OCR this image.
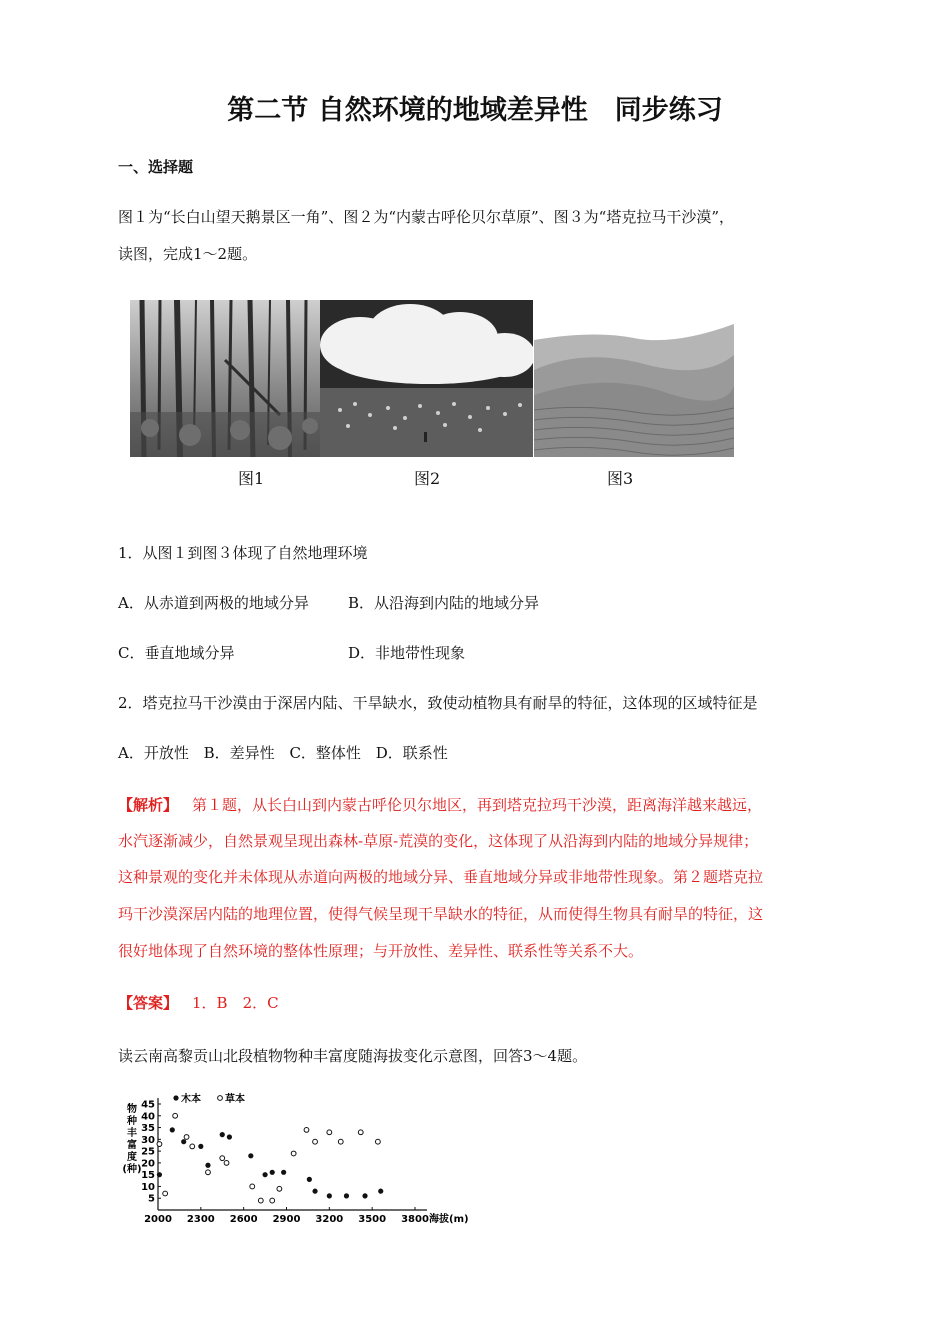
第二节 自然环境的地域差异性　同步练习
一、选择题
图１为“长白山望天鹅景区一角”、图２为“内蒙古呼伦贝尔草原”、图３为“塔克拉马干沙漠”，
读图，完成1～2题。
图1	图2	图3
1．从图１到图３体现了自然地理环境
A．从赤道到两极的地域分异	B．从沿海到内陆的地域分异
C．垂直地域分异	D．非地带性现象
2．塔克拉马干沙漠由于深居内陆、干旱缺水，致使动植物具有耐旱的特征，这体现的区域特征是
A．开放性 B．差异性 C．整体性 D．联系性
【解析】 第１题，从长白山到内蒙古呼伦贝尔地区，再到塔克拉玛干沙漠，距离海洋越来越远，
水汽逐渐减少，自然景观呈现出森林-草原-荒漠的变化，这体现了从沿海到内陆的地域分异规律；
这种景观的变化并未体现从赤道向两极的地域分异、垂直地域分异或非地带性现象。第２题塔克拉
玛干沙漠深居内陆的地理位置，使得气候呈现干旱缺水的特征，从而使得生物具有耐旱的特征，这
很好地体现了自然环境的整体性原理；与开放性、差异性、联系性等关系不大。
【答案】 1．B　2．C
读云南高黎贡山北段植物物种丰富度随海拔变化示意图，回答3～4题。
2000 2300 2600 2900 3200 3500 3800
5
10
15
20
25
30
35
40
45
物
种
丰
富
度
(种)
海拔(m)
木本 草本
